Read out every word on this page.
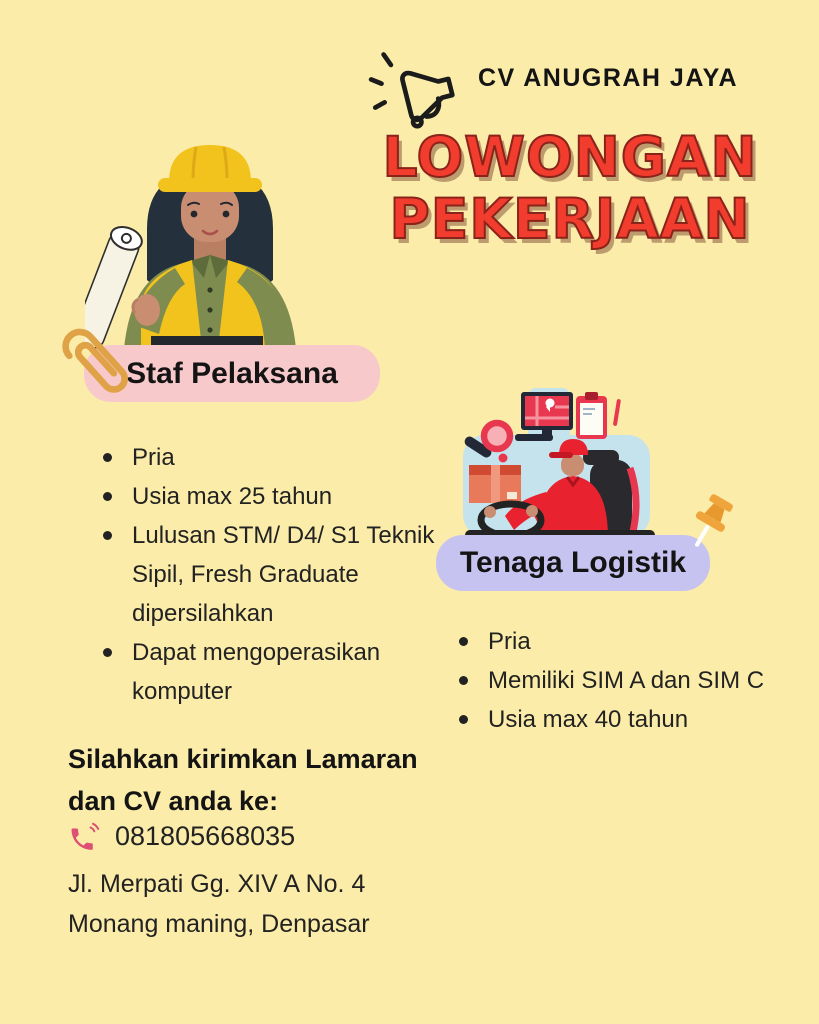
CV ANUGRAH JAYA
LOWONGAN
PEKERJAAN
Staf Pelaksana
Pria
Usia max 25 tahun
Lulusan STM/ D4/ S1 Teknik Sipil, Fresh Graduate dipersilahkan
Dapat mengoperasikan komputer
Tenaga Logistik
Pria
Memiliki SIM A dan SIM C
Usia max 40 tahun
Silahkan kirimkan Lamaran
dan CV anda ke:
081805668035
Jl. Merpati Gg. XIV A No. 4
Monang maning, Denpasar
